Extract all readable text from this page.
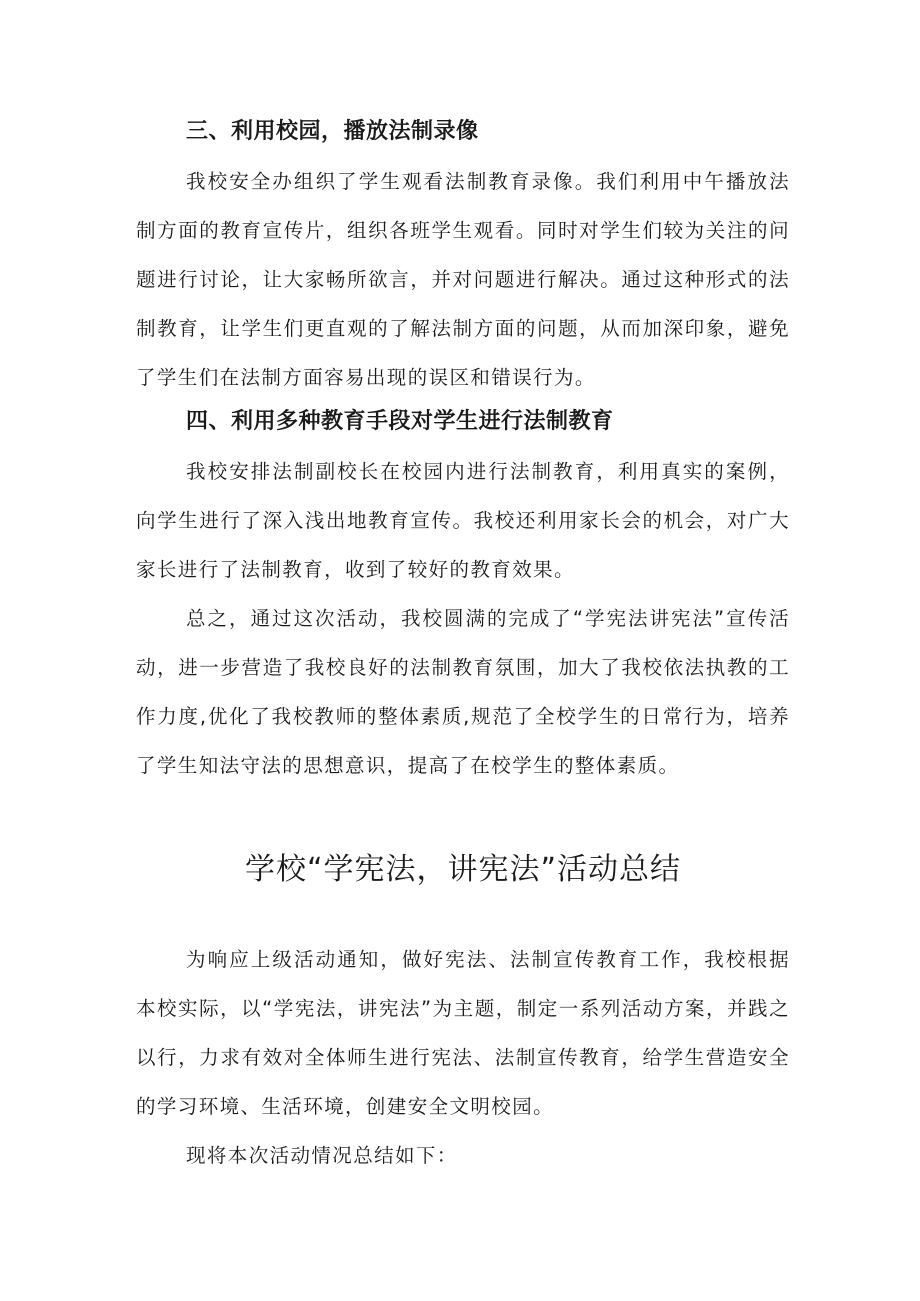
三、利用校园，播放法制录像

我校安全办组织了学生观看法制教育录像。我们利用中午播放法制方面的教育宣传片，组织各班学生观看。同时对学生们较为关注的问题进行讨论，让大家畅所欲言，并对问题进行解决。通过这种形式的法制教育，让学生们更直观的了解法制方面的问题，从而加深印象，避免了学生们在法制方面容易出现的误区和错误行为。

四、利用多种教育手段对学生进行法制教育

我校安排法制副校长在校园内进行法制教育，利用真实的案例，向学生进行了深入浅出地教育宣传。我校还利用家长会的机会，对广大家长进行了法制教育，收到了较好的教育效果。

总之，通过这次活动，我校圆满的完成了“学宪法讲宪法”宣传活动，进一步营造了我校良好的法制教育氛围，加大了我校依法执教的工作力度,优化了我校教师的整体素质,规范了全校学生的日常行为，培养了学生知法守法的思想意识，提高了在校学生的整体素质。

学校“学宪法，讲宪法”活动总结

为响应上级活动通知，做好宪法、法制宣传教育工作，我校根据本校实际，以“学宪法，讲宪法”为主题，制定一系列活动方案，并践之以行，力求有效对全体师生进行宪法、法制宣传教育，给学生营造安全的学习环境、生活环境，创建安全文明校园。

现将本次活动情况总结如下：
